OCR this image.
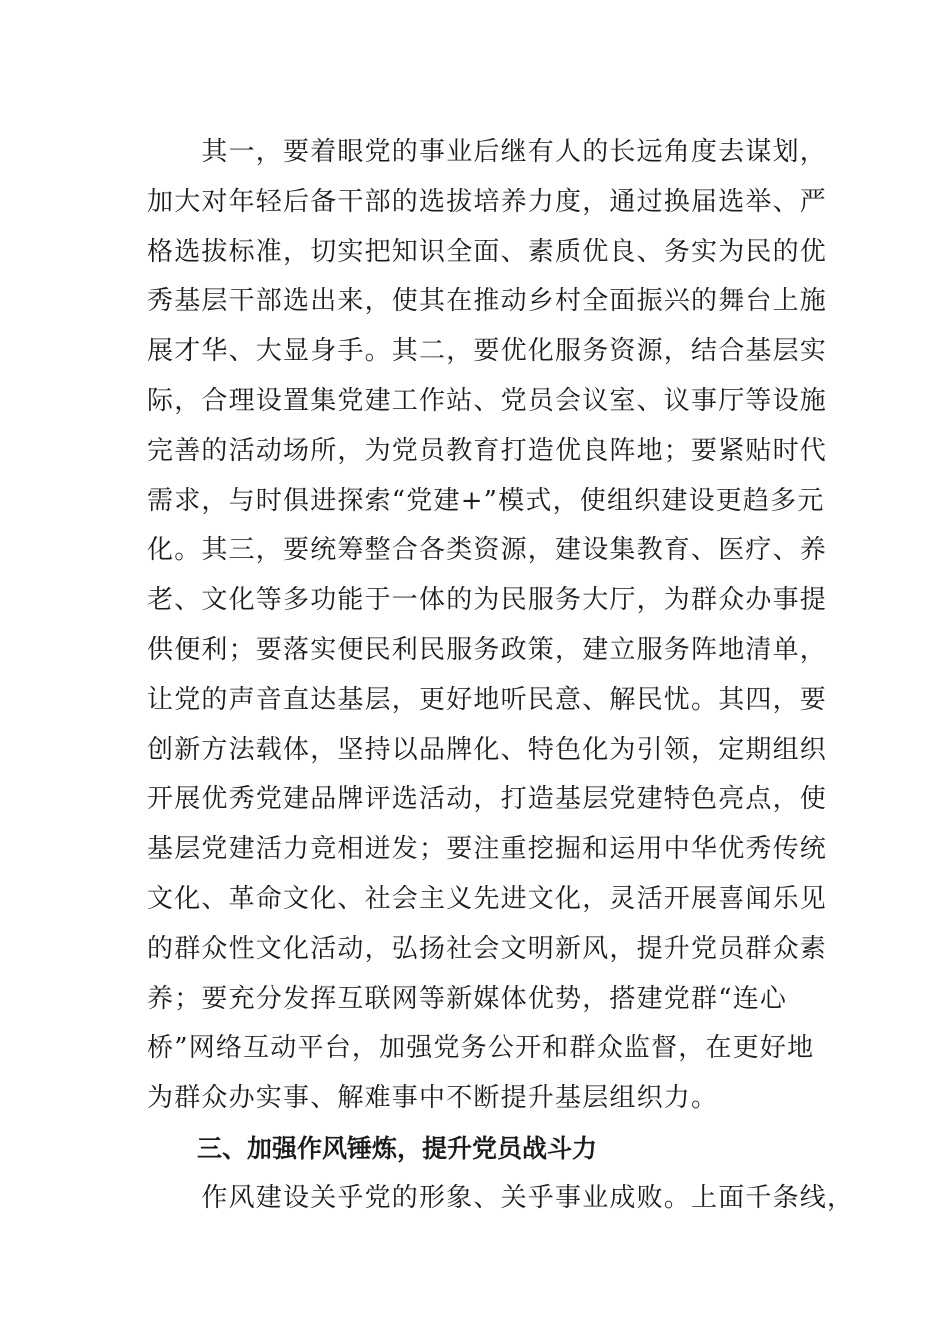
　　其一，要着眼党的事业后继有人的长远角度去谋划，
加大对年轻后备干部的选拔培养力度，通过换届选举、严
格选拔标准，切实把知识全面、素质优良、务实为民的优
秀基层干部选出来，使其在推动乡村全面振兴的舞台上施
展才华、大显身手。其二，要优化服务资源，结合基层实
际，合理设置集党建工作站、党员会议室、议事厅等设施
完善的活动场所，为党员教育打造优良阵地；要紧贴时代
需求，与时俱进探索“党建+”模式，使组织建设更趋多元
化。其三，要统筹整合各类资源，建设集教育、医疗、养
老、文化等多功能于一体的为民服务大厅，为群众办事提
供便利；要落实便民利民服务政策，建立服务阵地清单，
让党的声音直达基层，更好地听民意、解民忧。其四，要
创新方法载体，坚持以品牌化、特色化为引领，定期组织
开展优秀党建品牌评选活动，打造基层党建特色亮点，使
基层党建活力竞相迸发；要注重挖掘和运用中华优秀传统
文化、革命文化、社会主义先进文化，灵活开展喜闻乐见
的群众性文化活动，弘扬社会文明新风，提升党员群众素
养；要充分发挥互联网等新媒体优势，搭建党群“连心
桥”网络互动平台，加强党务公开和群众监督，在更好地
为群众办实事、解难事中不断提升基层组织力。
　　三、加强作风锤炼，提升党员战斗力
　　作风建设关乎党的形象、关乎事业成败。上面千条线，
